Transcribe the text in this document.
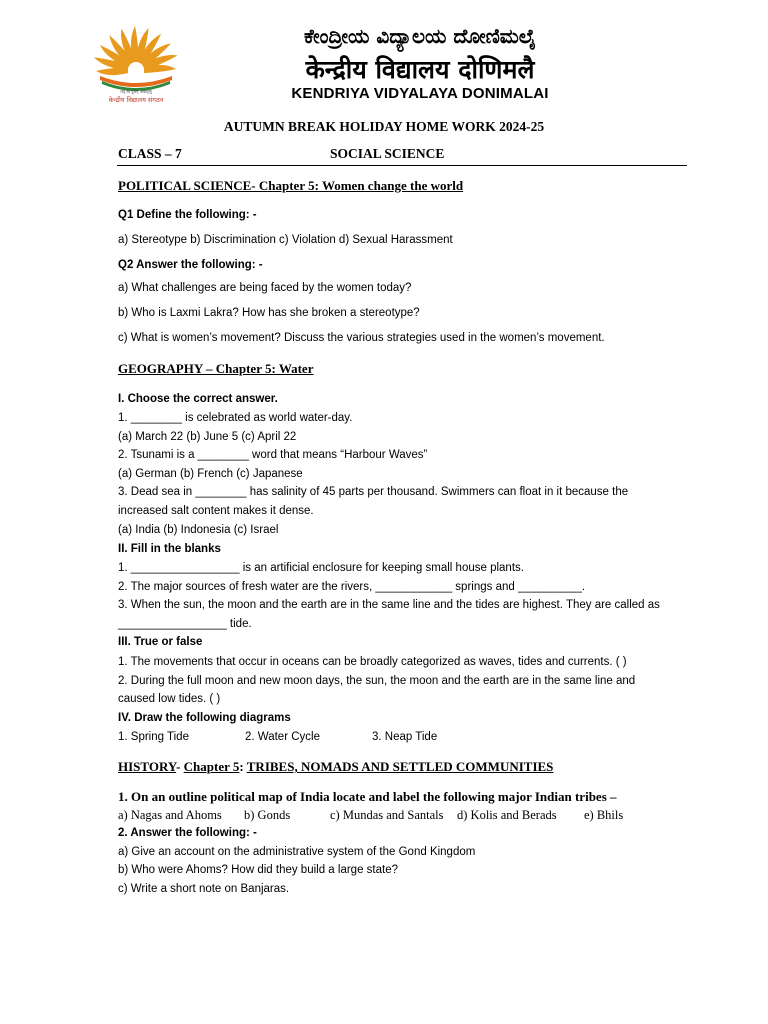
तत् त्वं पूषन् अपावृणु
केन्द्रीय विद्यालय संगठन
ಕೇಂದ್ರೀಯ ವಿದ್ಯಾಲಯ ದೋಣಿಮಲೈ
केन्द्रीय विद्यालय दोणिमलै
KENDRIYA VIDYALAYA DONIMALAI
AUTUMN BREAK HOLIDAY HOME WORK 2024-25
CLASS – 7	SOCIAL SCIENCE
POLITICAL SCIENCE- Chapter 5: Women change the world
Q1 Define the following: -
a) Stereotype b) Discrimination c) Violation d) Sexual Harassment
Q2 Answer the following: -
a) What challenges are being faced by the women today?
b) Who is Laxmi Lakra? How has she broken a stereotype?
c) What is women’s movement? Discuss the various strategies used in the women’s movement.
GEOGRAPHY – Chapter 5: Water
I. Choose the correct answer.
1. ________ is celebrated as world water-day.
(a) March 22 (b) June 5 (c) April 22
2. Tsunami is a ________ word that means “Harbour Waves”
(a) German (b) French (c) Japanese
3. Dead sea in ________ has salinity of 45 parts per thousand. Swimmers can float in it because the
increased salt content makes it dense.
(a) India (b) Indonesia (c) Israel
II. Fill in the blanks
1. _________________ is an artificial enclosure for keeping small house plants.
2. The major sources of fresh water are the rivers, ____________ springs and __________.
3. When the sun, the moon and the earth are in the same line and the tides are highest. They are called as
_________________ tide.
III. True or false
1. The movements that occur in oceans can be broadly categorized as waves, tides and currents. ( )
2. During the full moon and new moon days, the sun, the moon and the earth are in the same line and
caused low tides. ( )
IV. Draw the following diagrams
1. Spring Tide	2. Water Cycle	3. Neap Tide
HISTORY- Chapter 5: TRIBES, NOMADS AND SETTLED COMMUNITIES
1. On an outline political map of India locate and label the following major Indian tribes –
a) Nagas and Ahoms b) Gonds	c) Mundas and Santals d) Kolis and Berads e) Bhils
2. Answer the following: -
a) Give an account on the administrative system of the Gond Kingdom
b) Who were Ahoms? How did they build a large state?
c) Write a short note on Banjaras.
